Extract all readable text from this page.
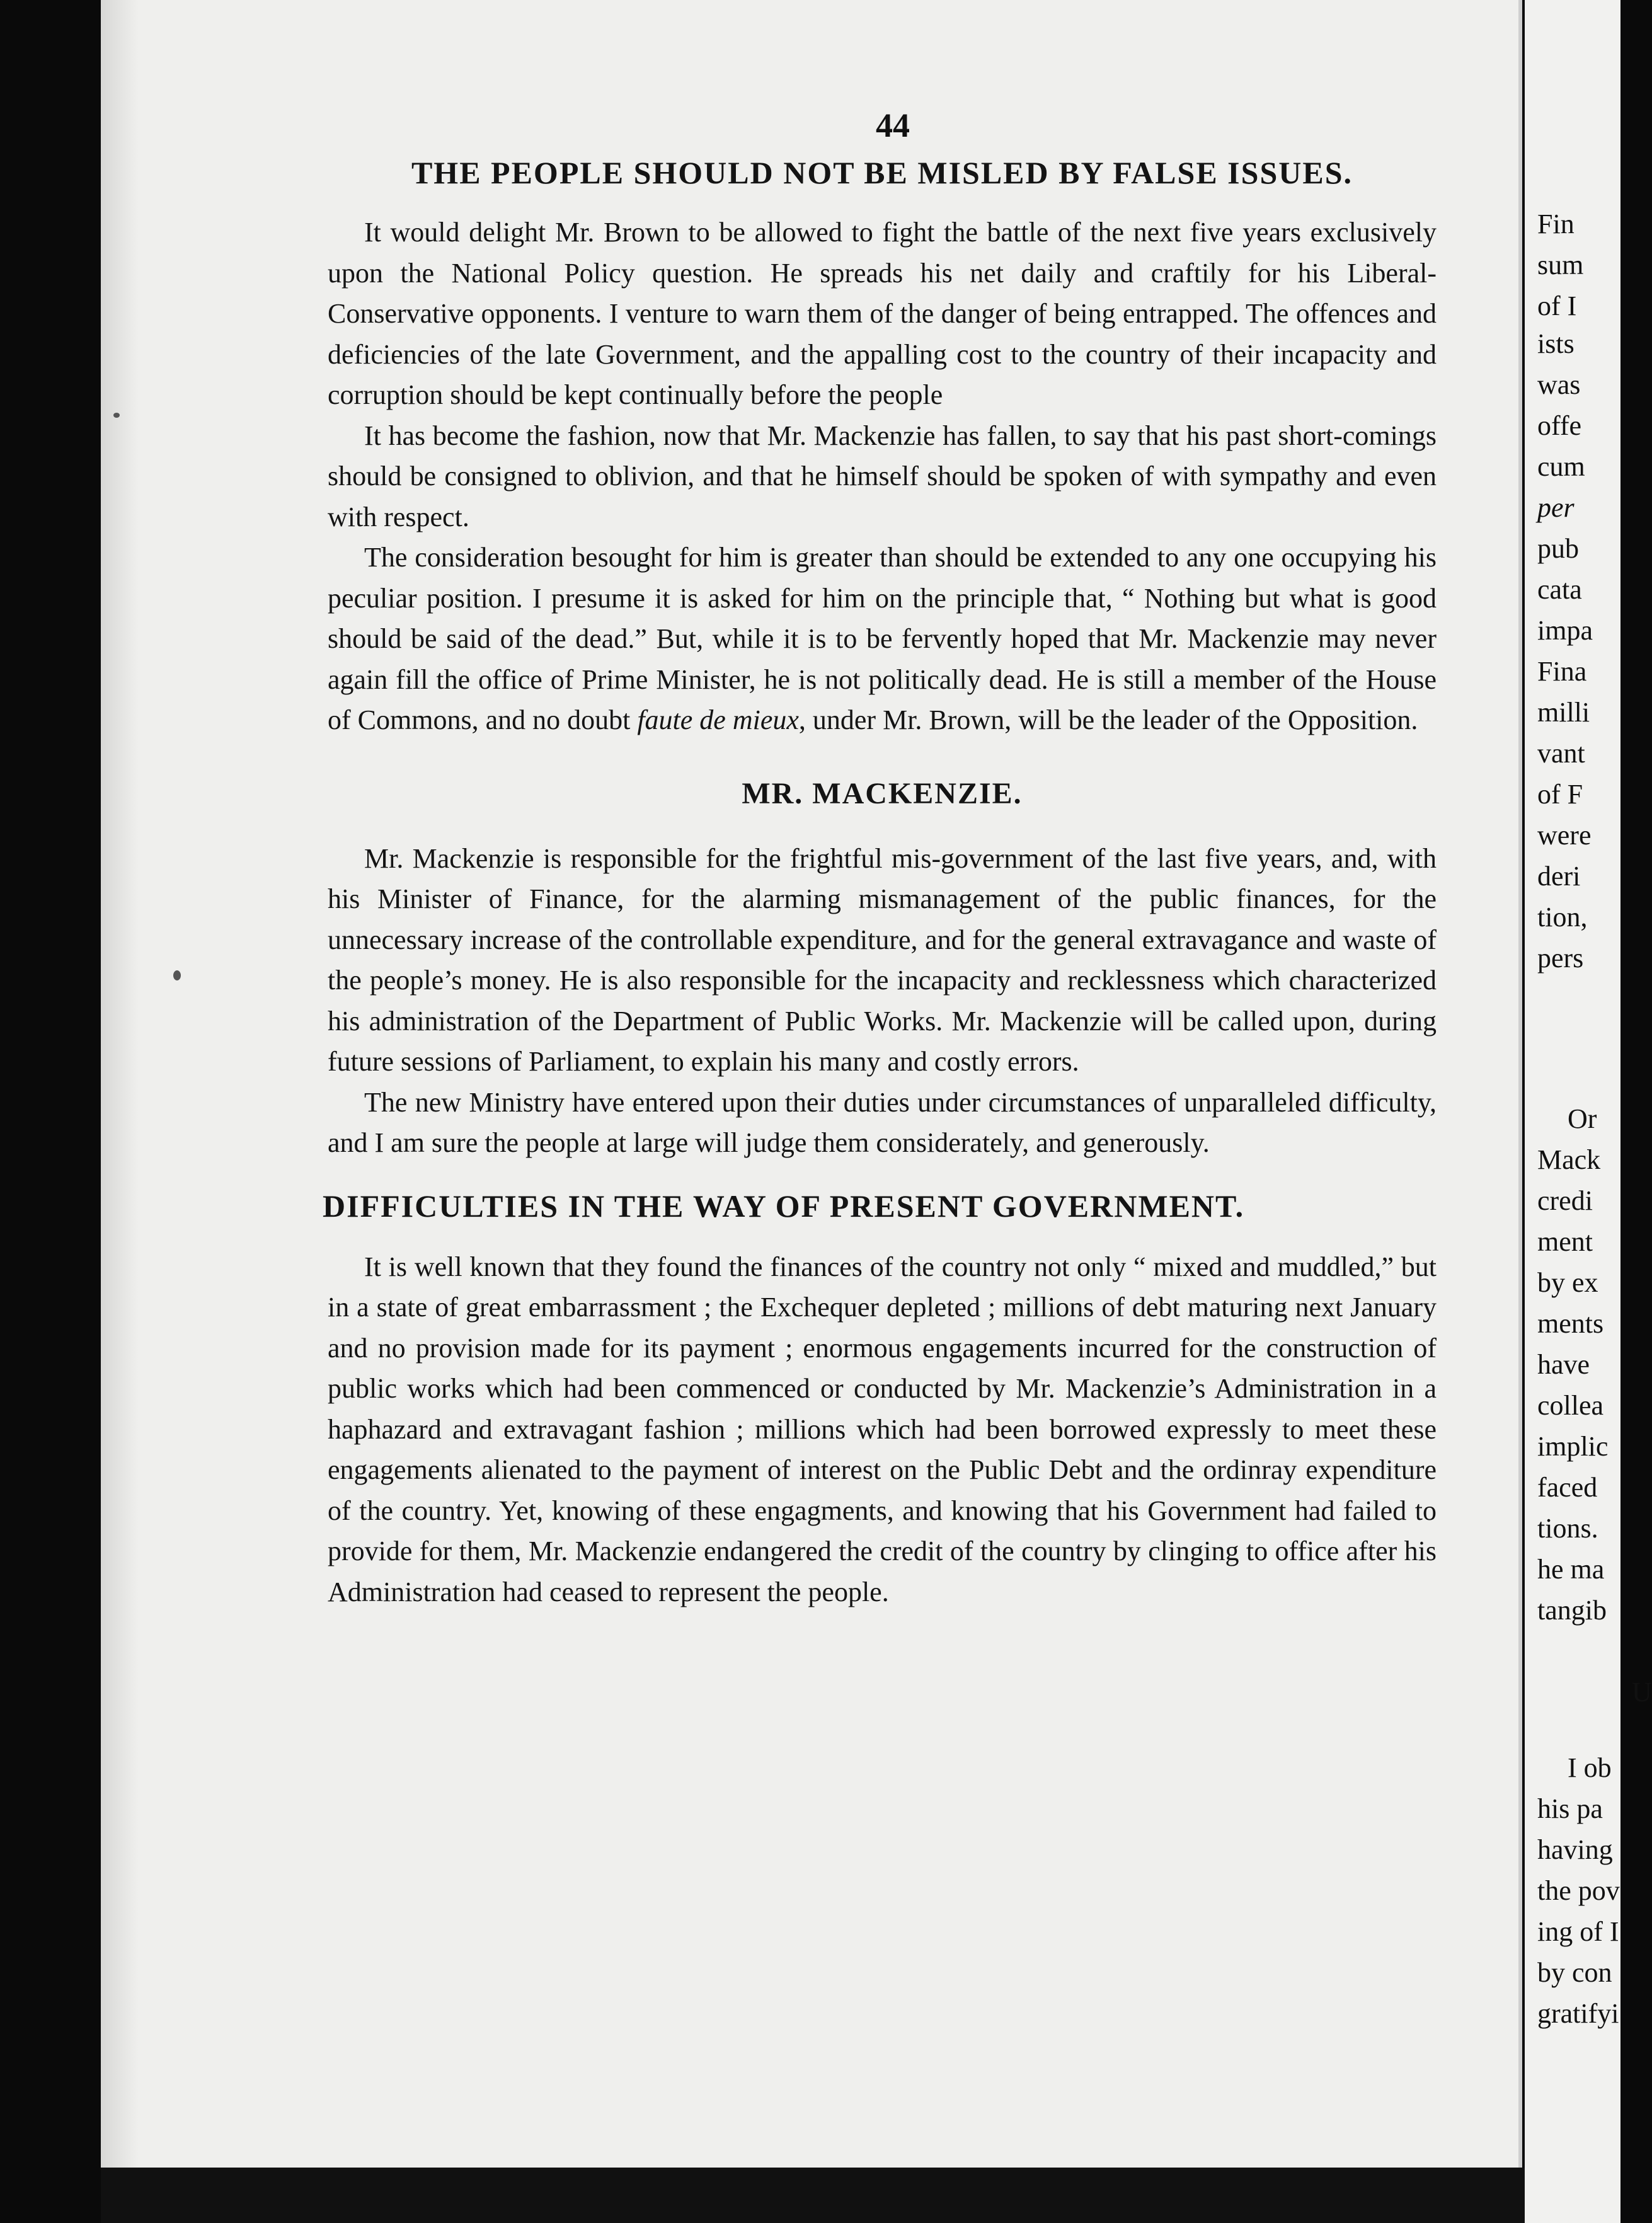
44
THE PEOPLE SHOULD NOT BE MISLED BY FALSE ISSUES.

It would delight Mr. Brown to be allowed to fight the battle of the next five years exclusively upon the National Policy question. He spreads his net daily and craftily for his Liberal-Conservative opponents. I venture to warn them of the danger of being entrapped. The offences and deficiencies of the late Government, and the appalling cost to the country of their incapacity and corruption should be kept continually before the people

It has become the fashion, now that Mr. Mackenzie has fallen, to say that his past short-comings should be consigned to oblivion, and that he himself should be spoken of with sympathy and even with respect.

The consideration besought for him is greater than should be extended to any one occupying his peculiar position. I presume it is asked for him on the principle that, “ Nothing but what is good should be said of the dead.” But, while it is to be fervently hoped that Mr. Mackenzie may never again fill the office of Prime Minister, he is not politically dead. He is still a member of the House of Commons, and no doubt faute de mieux, under Mr. Brown, will be the leader of the Opposition.

MR. MACKENZIE.

Mr. Mackenzie is responsible for the frightful mis-government of the last five years, and, with his Minister of Finance, for the alarming mismanagement of the public finances, for the unnecessary increase of the controllable expenditure, and for the general extravagance and waste of the people’s money. He is also responsible for the incapacity and recklessness which characterized his administration of the Department of Public Works. Mr. Mackenzie will be called upon, during future sessions of Parliament, to explain his many and costly errors.

The new Ministry have entered upon their duties under circumstances of unparalleled difficulty, and I am sure the people at large will judge them considerately, and generously.

DIFFICULTIES IN THE WAY OF PRESENT GOVERNMENT.

It is well known that they found the finances of the country not only “ mixed and muddled,” but in a state of great embarrassment ; the Exchequer depleted ; millions of debt maturing next January and no provision made for its payment ; enormous engagements incurred for the construction of public works which had been commenced or conducted by Mr. Mackenzie’s Administration in a haphazard and extravagant fashion ; millions which had been borrowed expressly to meet these engagements alienated to the payment of interest on the Public Debt and the ordinray expenditure of the country. Yet, knowing of these engagments, and knowing that his Government had failed to provide for them, Mr. Mackenzie endangered the credit of the country by clinging to office after his Administration had ceased to represent the people.

Fin
sum
of I
ists
was
offe
cum
per
pub
cata
impa
Fina
milli
vant
of F
were
deri
tion,
pers
Or
Mack
credi
ment
by ex
ments
have
collea
implic
faced
tions.
he ma
tangib
U
I ob
his pa
having
the pov
ing of I
by con
gratifyi
